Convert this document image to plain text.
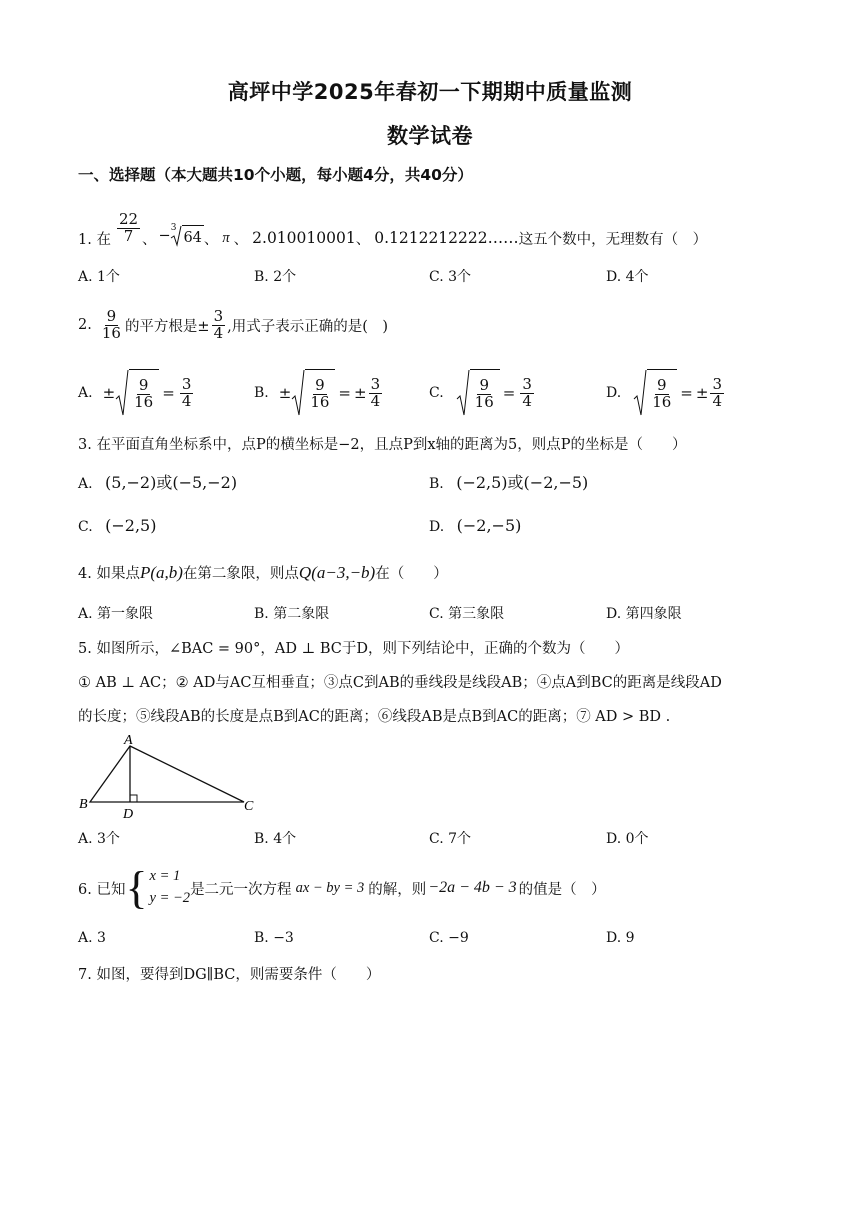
高坪中学2025年春初一下期期中质量监测
数学试卷
一、选择题（本大题共10个小题，每小题4分，共40分）
1. 在 $\frac{22}{7}$ 、 − 3
64 、 π 、 2.010010001 、 0.1212212222…… 这五个数中，无理数有（　）
A. 1个	B. 2个	C. 3个	D. 4个
2. $\frac{9}{16}$ 的平方根是± $\frac{3}{4}$ ,用式子表示正确的是(　)
A. ± $\frac{9}{16} = \frac{3}{4}$	B. ± $\frac{9}{16}$ = ± $\frac{3}{4}$	C. $\frac{9}{16} = \frac{3}{4}$	D. $\frac{9}{16}$ = ± $\frac{3}{4}$
3. 在平面直角坐标系中，点P的横坐标是−2，且点P到x轴的距离为5，则点P的坐标是（　　）
A. (5,−2)或(−5,−2)	B. (−2,5)或(−2,−5)
C. (−2,5)	D. (−2,−5)
4. 如果点P(a,b)在第二象限，则点Q(a−3,−b)在（　　）
A. 第一象限	B. 第二象限	C. 第三象限	D. 第四象限
5. 如图所示，∠BAC = 90°，AD ⊥ BC于D，则下列结论中，正确的个数为（　　）
① AB ⊥ AC；② AD与AC互相垂直；③点C到AB的垂线段是线段AB；④点A到BC的距离是线段AD
的长度；⑤线段AB的长度是点B到AC的距离；⑥线段AB是点B到AC的距离；⑦ AD > BD .
A
B	C
D
A. 3个	B. 4个	C. 7个	D. 0个
6. 已知 { x = 1
y = −2
是二元一次方程 ax − by = 3 的解，则 −2a − 4b − 3 的值是（　）
A. 3	B. −3	C. −9	D. 9
7. 如图，要得到DG∥BC，则需要条件（　　）
